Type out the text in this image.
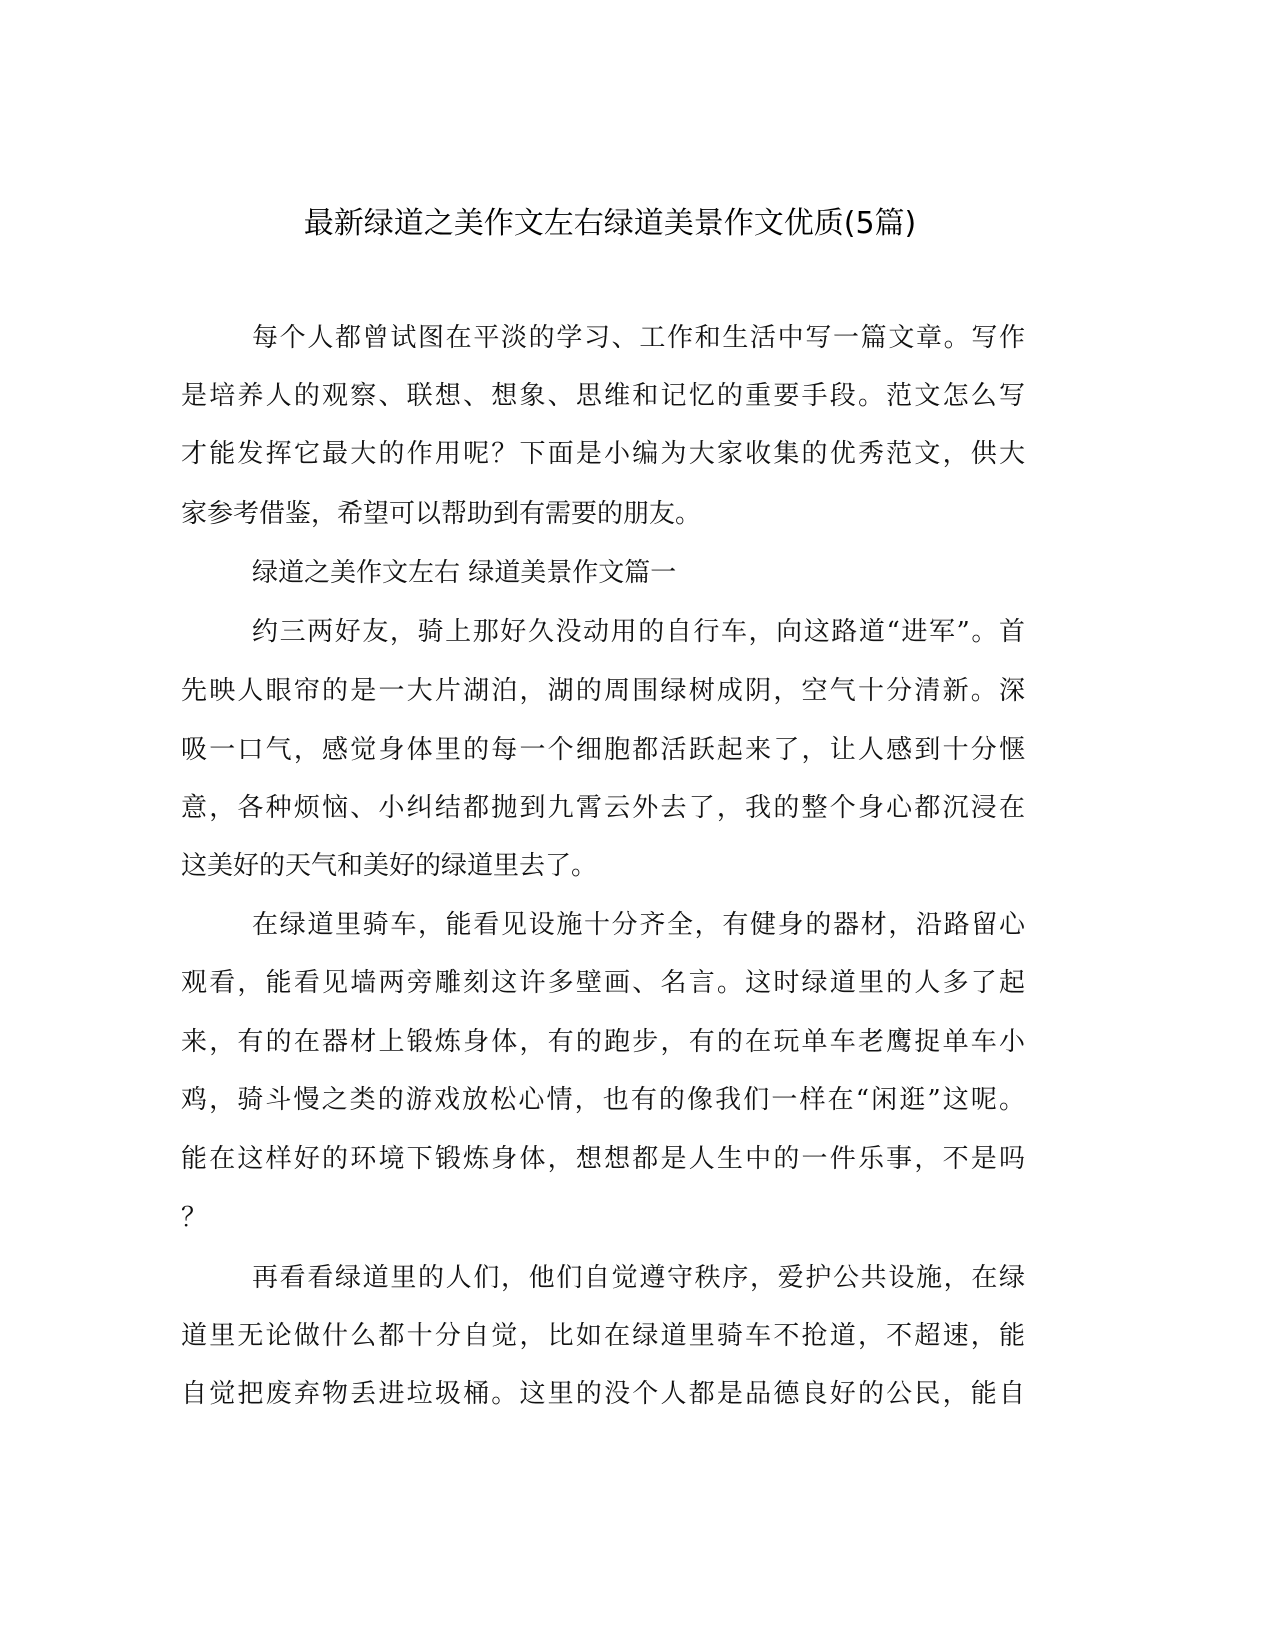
最新绿道之美作文左右绿道美景作文优质(5篇)
每个人都曾试图在平淡的学习、工作和生活中写一篇文章。写作
是培养人的观察、联想、想象、思维和记忆的重要手段。范文怎么写
才能发挥它最大的作用呢？下面是小编为大家收集的优秀范文，供大
家参考借鉴，希望可以帮助到有需要的朋友。
绿道之美作文左右 绿道美景作文篇一
约三两好友，骑上那好久没动用的自行车，向这路道“进军”。首
先映人眼帘的是一大片湖泊，湖的周围绿树成阴，空气十分清新。深
吸一口气，感觉身体里的每一个细胞都活跃起来了，让人感到十分惬
意，各种烦恼、小纠结都抛到九霄云外去了，我的整个身心都沉浸在
这美好的天气和美好的绿道里去了。
在绿道里骑车，能看见设施十分齐全，有健身的器材，沿路留心
观看，能看见墙两旁雕刻这许多壁画、名言。这时绿道里的人多了起
来，有的在器材上锻炼身体，有的跑步，有的在玩单车老鹰捉单车小
鸡，骑斗慢之类的游戏放松心情，也有的像我们一样在“闲逛”这呢。
能在这样好的环境下锻炼身体，想想都是人生中的一件乐事，不是吗
？
再看看绿道里的人们，他们自觉遵守秩序，爱护公共设施，在绿
道里无论做什么都十分自觉，比如在绿道里骑车不抢道，不超速，能
自觉把废弃物丢进垃圾桶。这里的没个人都是品德良好的公民，能自
